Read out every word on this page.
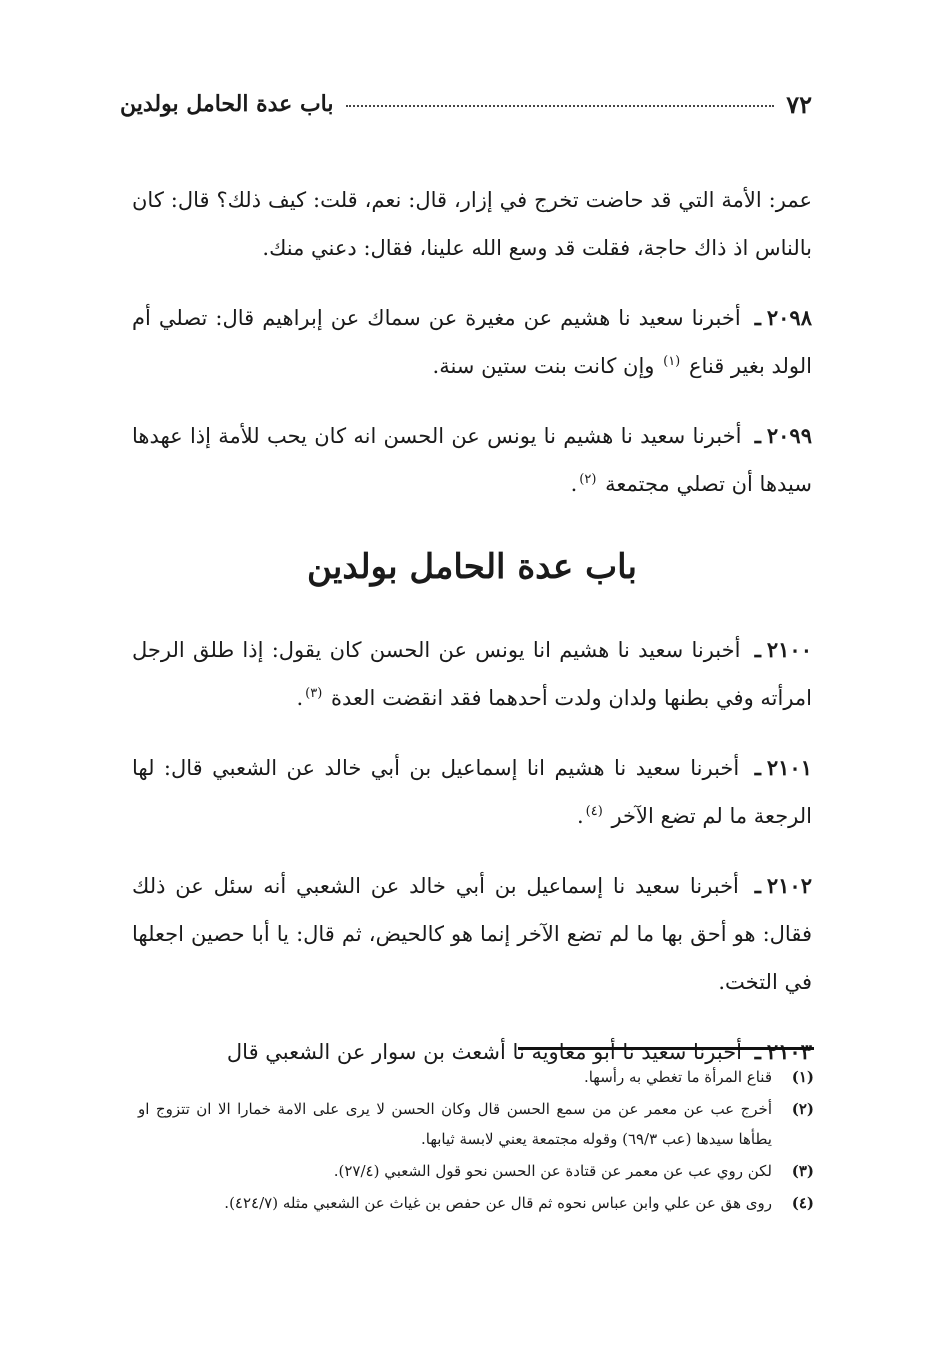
٧٢
باب عدة الحامل بولدين

عمر: الأمة التي قد حاضت تخرج في إزار، قال: نعم، قلت: كيف ذلك؟ قال: كان بالناس اذ ذاك حاجة، فقلت قد وسع الله علينا، فقال: دعني منك.

٢٠٩٨ـ أخبرنا سعيد نا هشيم عن مغيرة عن سماك عن إبراهيم قال: تصلي أم الولد بغير قناع $^{(١)}$ وإن كانت بنت ستين سنة.

٢٠٩٩ـ أخبرنا سعيد نا هشيم نا يونس عن الحسن انه كان يحب للأمة إذا عهدها سيدها أن تصلي مجتمعة $^{(٢)}$.

باب عدة الحامل بولدين

٢١٠٠ـ أخبرنا سعيد نا هشيم انا يونس عن الحسن كان يقول: إذا طلق الرجل امرأته وفي بطنها ولدان ولدت أحدهما فقد انقضت العدة $^{(٣)}$.

٢١٠١ـ أخبرنا سعيد نا هشيم انا إسماعيل بن أبي خالد عن الشعبي قال: لها الرجعة ما لم تضع الآخر $^{(٤)}$.

٢١٠٢ـ أخبرنا سعيد نا إسماعيل بن أبي خالد عن الشعبي أنه سئل عن ذلك فقال: هو أحق بها ما لم تضع الآخر إنما هو كالحيض، ثم قال: يا أبا حصين اجعلها في التخت.

٢١٠٣ـ أخبرنا سعيد نا أبو معاوية نا أشعث بن سوار عن الشعبي قال

(١)
قناع المرأة ما تغطي به رأسها.
(٢)
أخرج عب عن معمر عن من سمع الحسن قال وكان الحسن لا يرى على الامة خمارا الا ان تتزوج او يطأها سيدها (عب ٦٩/٣) وقوله مجتمعة يعني لابسة ثيابها.
(٣)
لكن روي عب عن معمر عن قتادة عن الحسن نحو قول الشعبي (٢٧/٤).
(٤)
روى هق عن علي وابن عباس نحوه ثم قال عن حفص بن غياث عن الشعبي مثله (٤٢٤/٧).
